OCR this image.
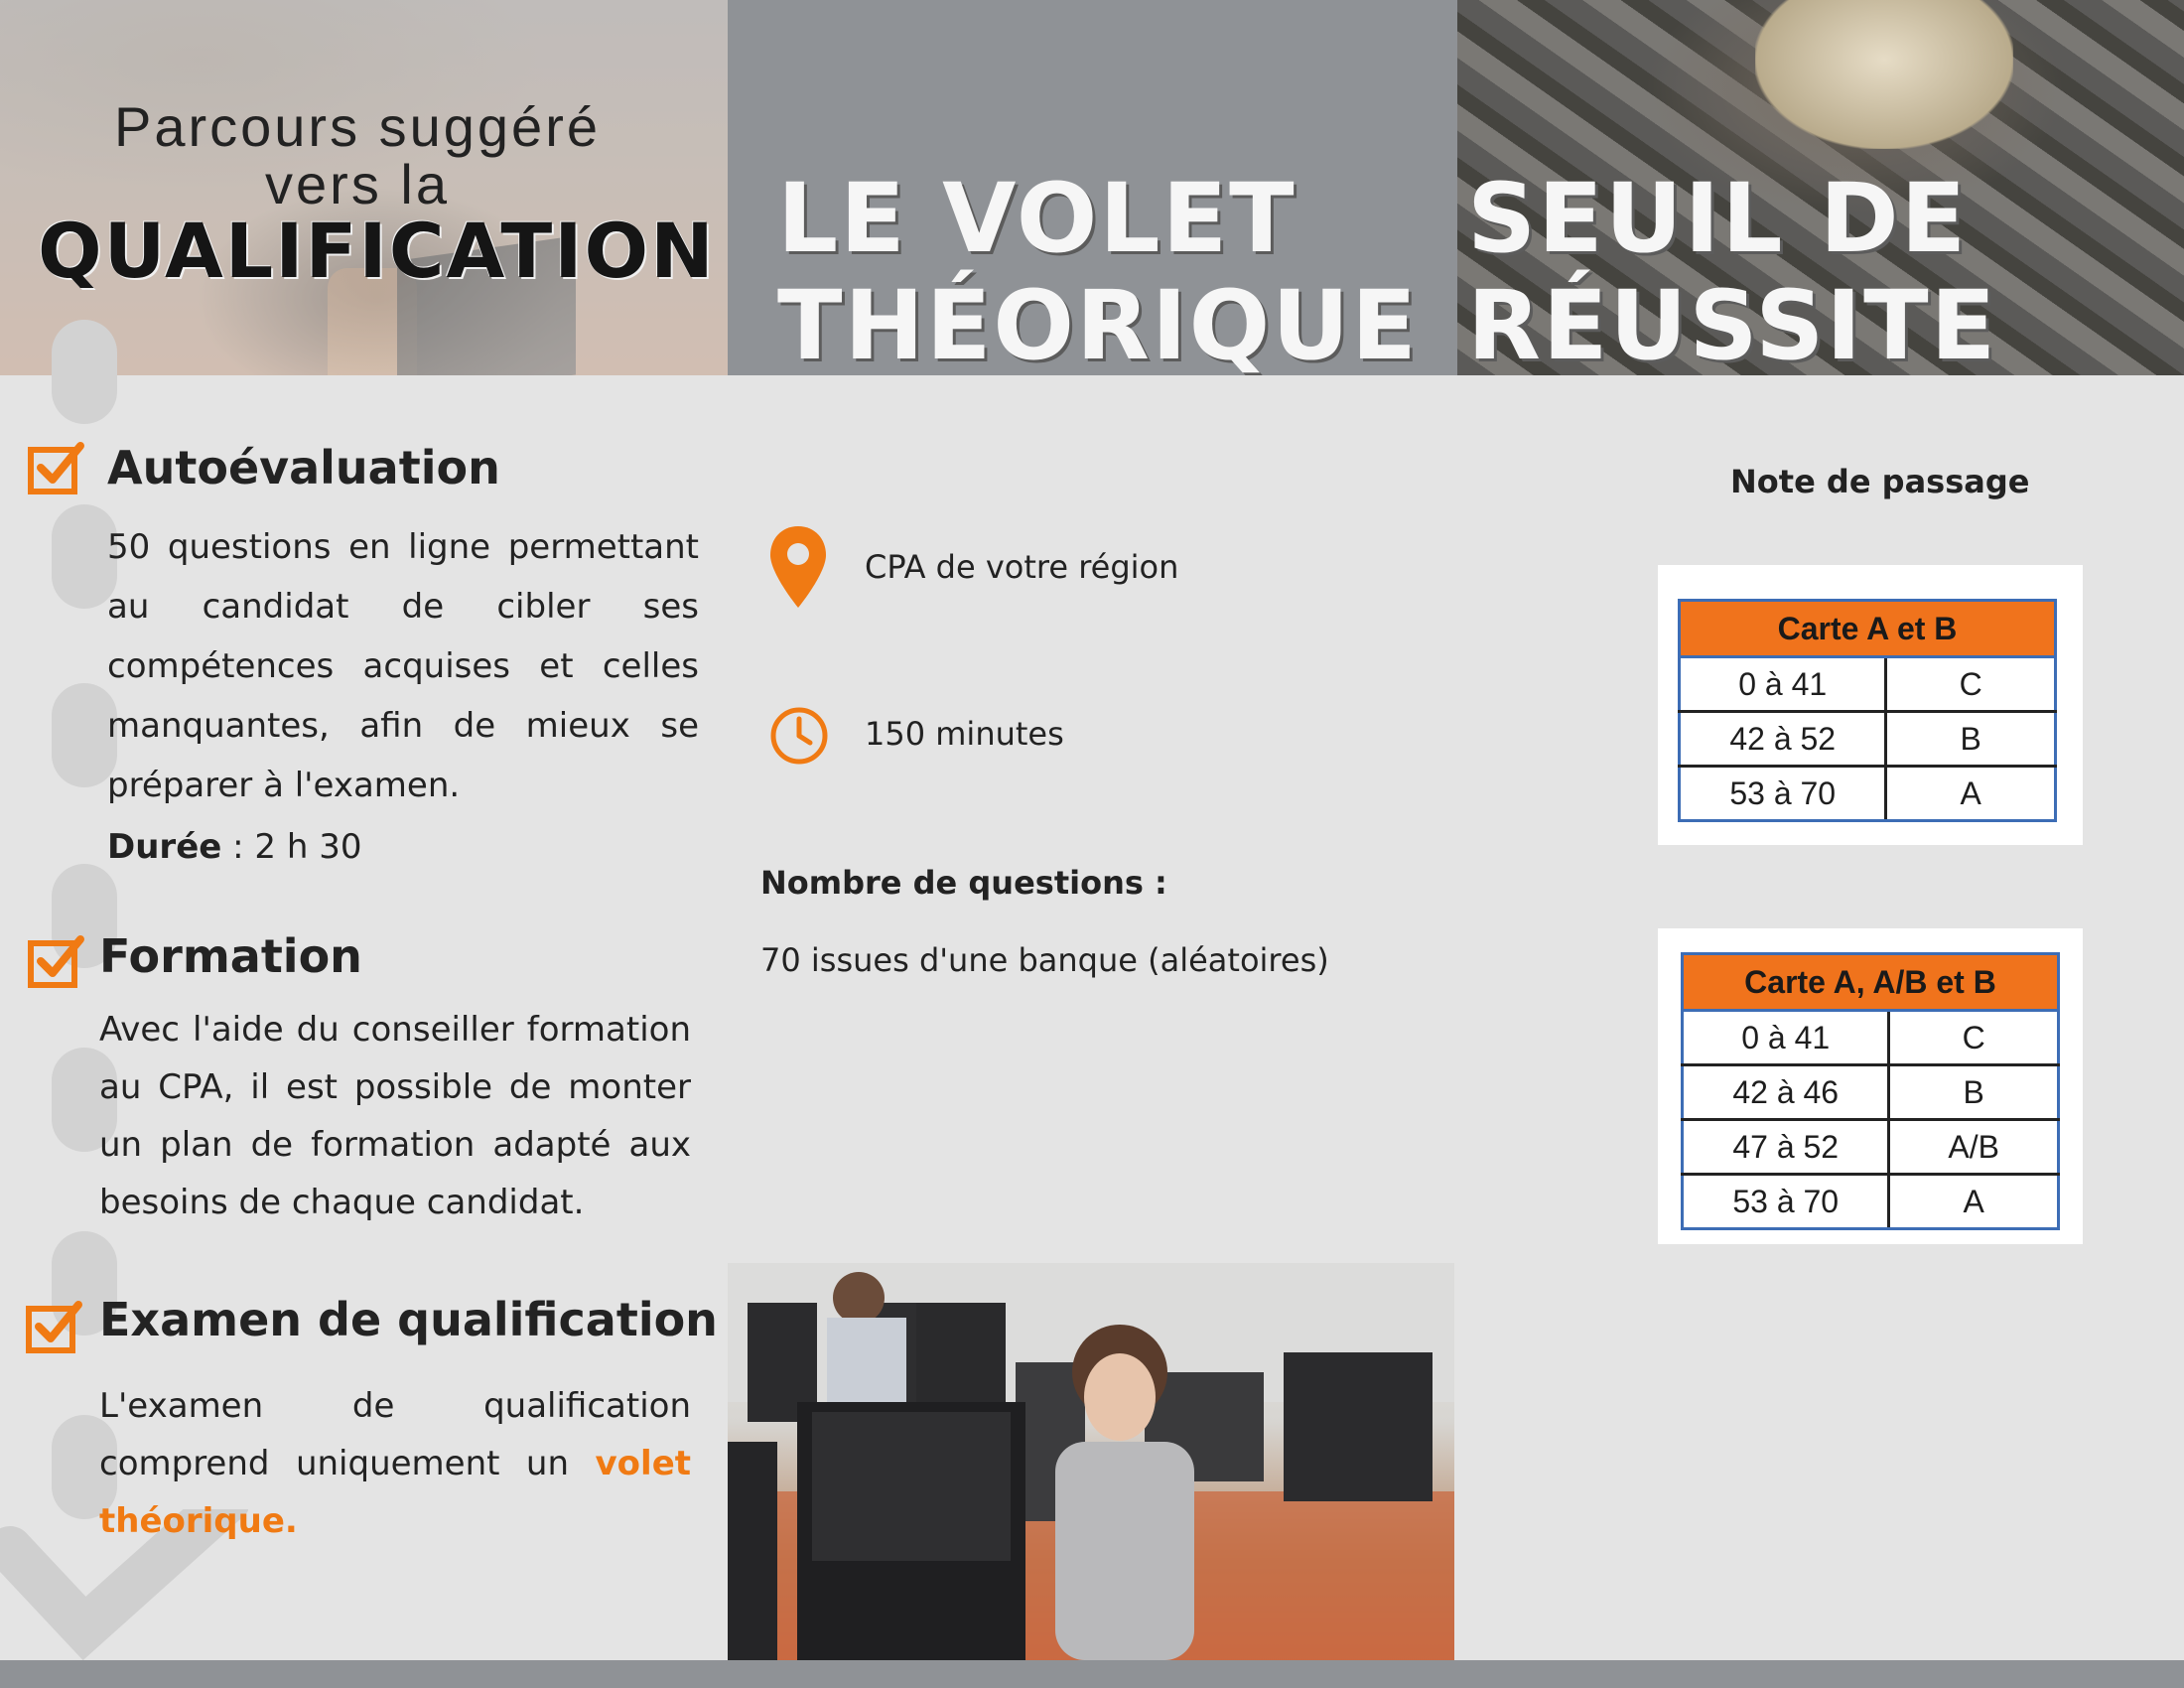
Parcours suggéré
vers la
QUALIFICATION LE VOLET
THÉORIQUE
SEUIL DE
RÉUSSITE
Autoévaluation
50 questions en ligne permettant au candidat de cibler ses compétences acquises et celles manquantes, afin de mieux se préparer à l'examen.
Durée : 2 h 30
Formation
Avec l'aide du conseiller formation au CPA, il est possible de monter un plan de formation adapté aux besoins de chaque candidat.
Examen de qualification
L'examen de qualification comprend uniquement un volet théorique.
CPA de votre région
150 minutes
Nombre de questions :
70 issues d'une banque (aléatoires)
Note de passage
Carte A et B	
0 à 41	C
42 à 52	B
53 à 70	A
Carte A, A/B et B	
0 à 41	C
42 à 46	B
47 à 52	A/B
53 à 70	A
